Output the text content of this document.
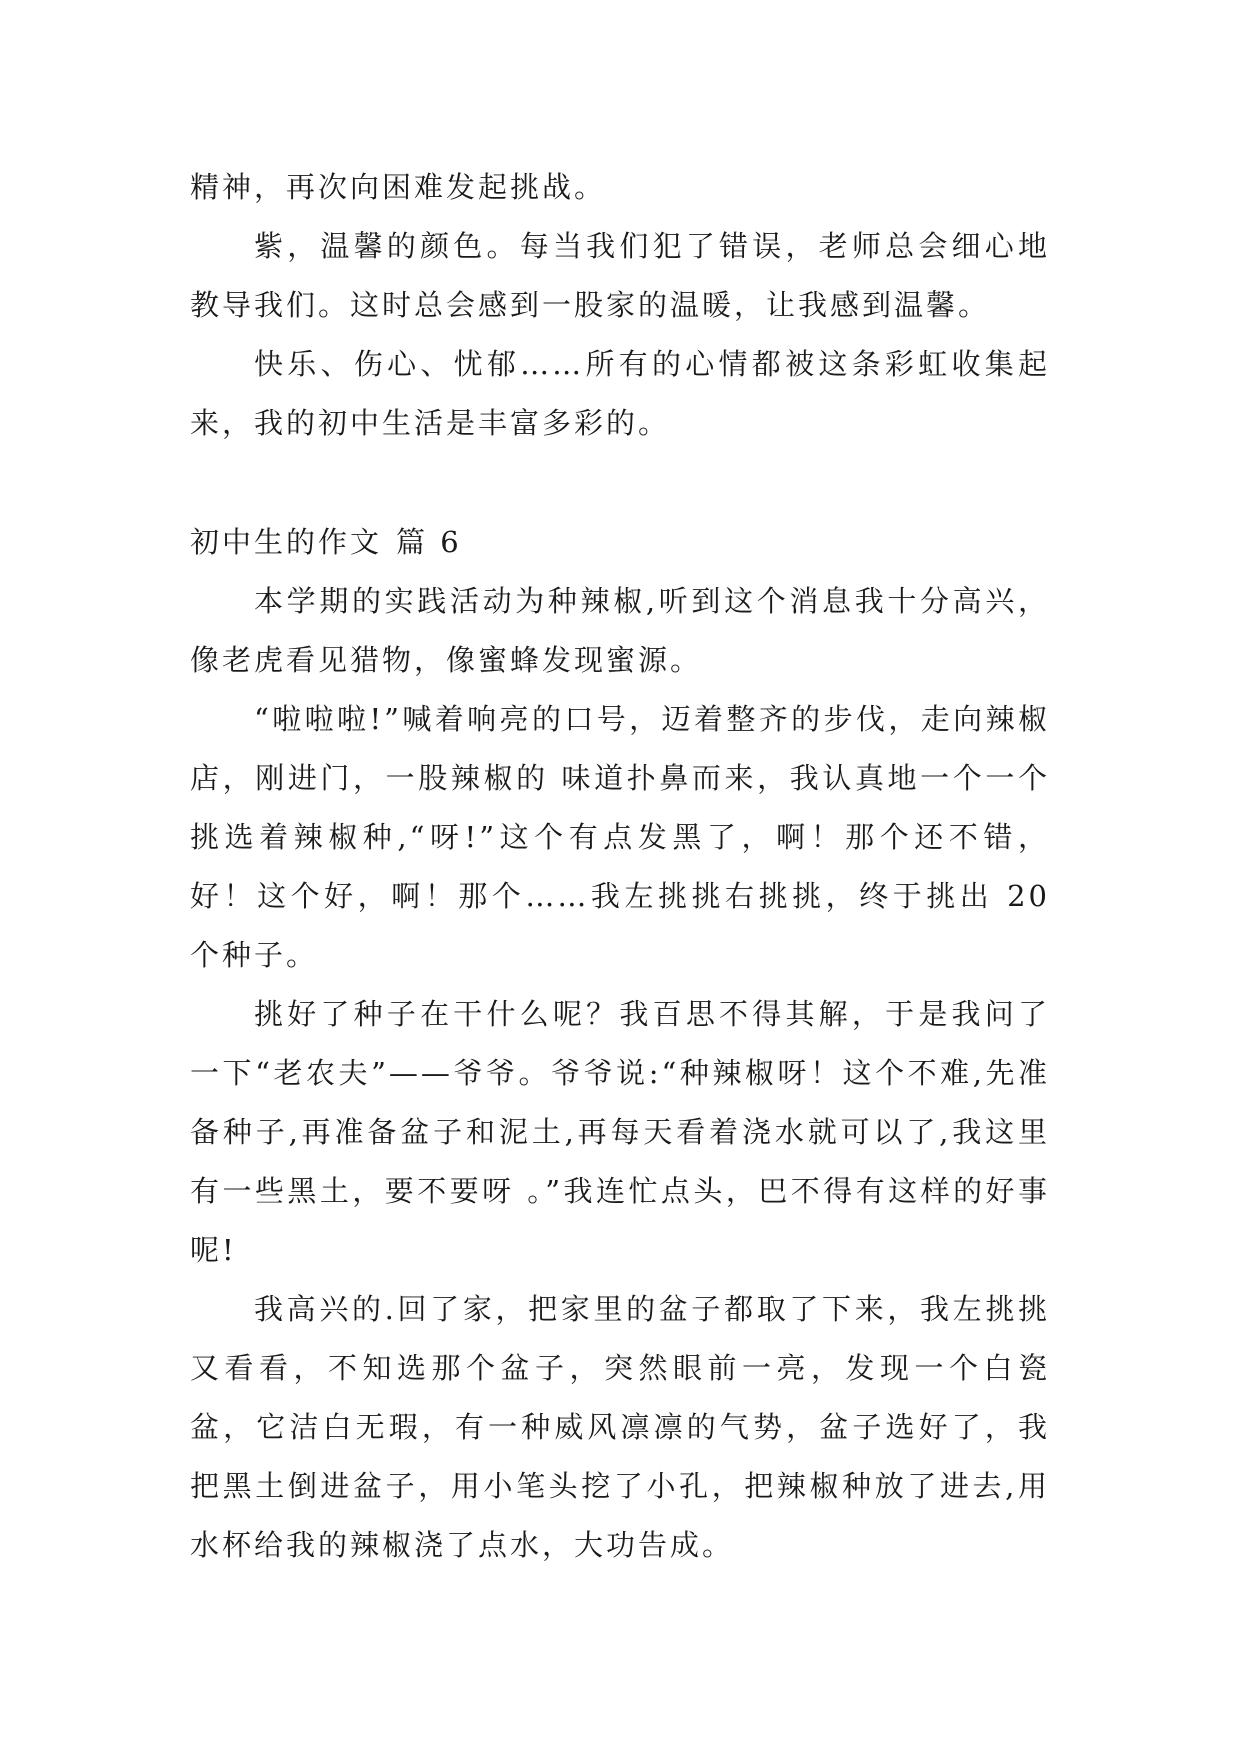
精神，再次向困难发起挑战。

紫，温馨的颜色。每当我们犯了错误，老师总会细心地教导我们。这时总会感到一股家的温暖，让我感到温馨。

快乐、伤心、忧郁……所有的心情都被这条彩虹收集起来，我的初中生活是丰富多彩的。

初中生的作文 篇 6

本学期的实践活动为种辣椒,听到这个消息我十分高兴，像老虎看见猎物，像蜜蜂发现蜜源。

“啦啦啦!”喊着响亮的口号，迈着整齐的步伐，走向辣椒店，刚进门，一股辣椒的 味道扑鼻而来，我认真地一个一个挑选着辣椒种,“呀!”这个有点发黑了，啊！那个还不错，好！这个好，啊！那个……我左挑挑右挑挑，终于挑出 20 个种子。

挑好了种子在干什么呢？我百思不得其解，于是我问了一下“老农夫”——爷爷。爷爷说:“种辣椒呀！这个不难,先准备种子,再准备盆子和泥土,再每天看着浇水就可以了,我这里有一些黑土，要不要呀 。”我连忙点头，巴不得有这样的好事呢!

我高兴的.回了家，把家里的盆子都取了下来，我左挑挑又看看，不知选那个盆子，突然眼前一亮，发现一个白瓷盆，它洁白无瑕，有一种威风凛凛的气势，盆子选好了，我把黑土倒进盆子，用小笔头挖了小孔，把辣椒种放了进去,用水杯给我的辣椒浇了点水，大功告成。
